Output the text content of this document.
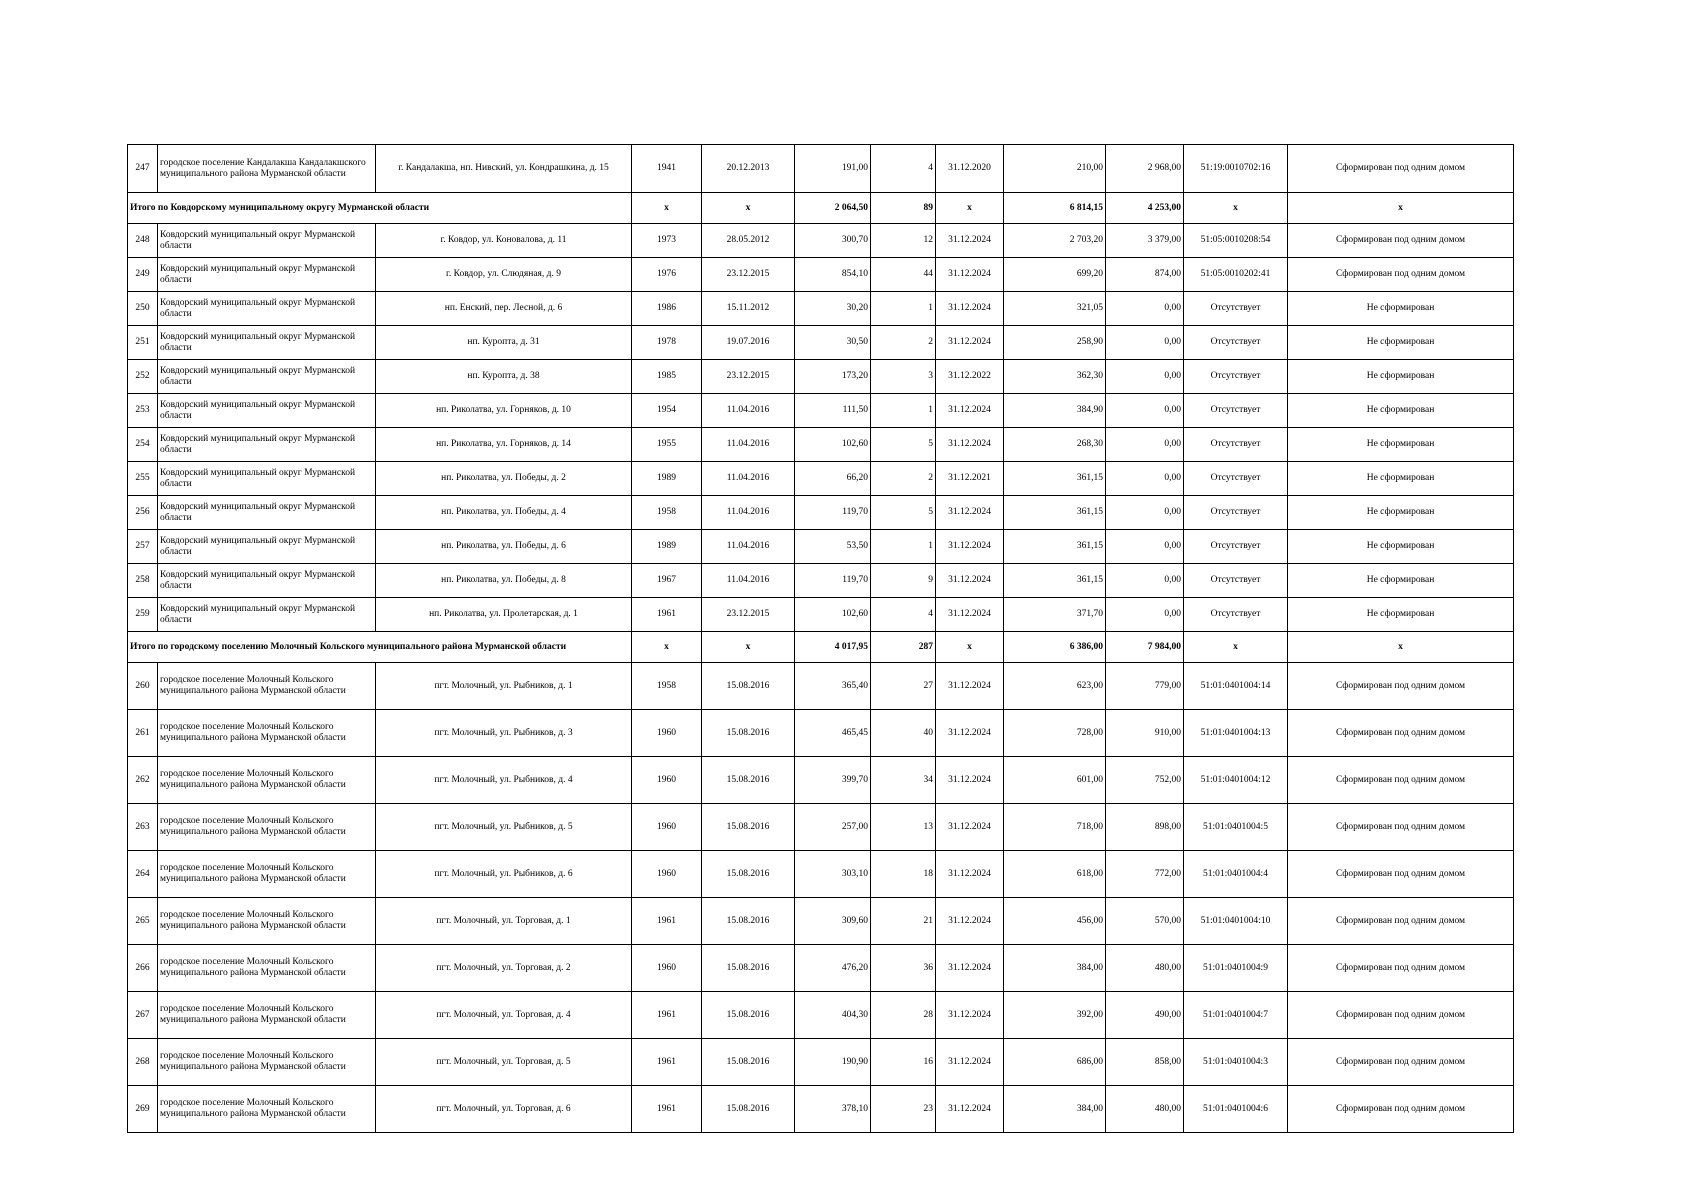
247	городское поселение Кандалакша Кандалакшского муниципального района Мурманской области	г. Кандалакша, нп. Нивский, ул. Кондрашкина, д. 15	1941	20.12.2013	191,00	4	31.12.2020	210,00	2 968,00	51:19:0010702:16	Сформирован под одним домом
Итого по Ковдорскому муниципальному округу Мурманской области			x	x	2 064,50	89	x	6 814,15	4 253,00	x	x
248	Ковдорский муниципальный округ Мурманской области	г. Ковдор, ул. Коновалова, д. 11	1973	28.05.2012	300,70	12	31.12.2024	2 703,20	3 379,00	51:05:0010208:54	Сформирован под одним домом
249	Ковдорский муниципальный округ Мурманской области	г. Ковдор, ул. Слюдяная, д. 9	1976	23.12.2015	854,10	44	31.12.2024	699,20	874,00	51:05:0010202:41	Сформирован под одним домом
250	Ковдорский муниципальный округ Мурманской области	нп. Енский, пер. Лесной, д. 6	1986	15.11.2012	30,20	1	31.12.2024	321,05	0,00	Отсутствует	Не сформирован
251	Ковдорский муниципальный округ Мурманской области	нп. Куропта, д. 31	1978	19.07.2016	30,50	2	31.12.2024	258,90	0,00	Отсутствует	Не сформирован
252	Ковдорский муниципальный округ Мурманской области	нп. Куропта, д. 38	1985	23.12.2015	173,20	3	31.12.2022	362,30	0,00	Отсутствует	Не сформирован
253	Ковдорский муниципальный округ Мурманской области	нп. Риколатва, ул. Горняков, д. 10	1954	11.04.2016	111,50	1	31.12.2024	384,90	0,00	Отсутствует	Не сформирован
254	Ковдорский муниципальный округ Мурманской области	нп. Риколатва, ул. Горняков, д. 14	1955	11.04.2016	102,60	5	31.12.2024	268,30	0,00	Отсутствует	Не сформирован
255	Ковдорский муниципальный округ Мурманской области	нп. Риколатва, ул. Победы, д. 2	1989	11.04.2016	66,20	2	31.12.2021	361,15	0,00	Отсутствует	Не сформирован
256	Ковдорский муниципальный округ Мурманской области	нп. Риколатва, ул. Победы, д. 4	1958	11.04.2016	119,70	5	31.12.2024	361,15	0,00	Отсутствует	Не сформирован
257	Ковдорский муниципальный округ Мурманской области	нп. Риколатва, ул. Победы, д. 6	1989	11.04.2016	53,50	1	31.12.2024	361,15	0,00	Отсутствует	Не сформирован
258	Ковдорский муниципальный округ Мурманской области	нп. Риколатва, ул. Победы, д. 8	1967	11.04.2016	119,70	9	31.12.2024	361,15	0,00	Отсутствует	Не сформирован
259	Ковдорский муниципальный округ Мурманской области	нп. Риколатва, ул. Пролетарская, д. 1	1961	23.12.2015	102,60	4	31.12.2024	371,70	0,00	Отсутствует	Не сформирован
Итого по городскому поселению Молочный Кольского муниципального района Мурманской области			x	x	4 017,95	287	x	6 386,00	7 984,00	x	x
260	городское поселение Молочный Кольского муниципального района Мурманской области	пгт. Молочный, ул. Рыбников, д. 1	1958	15.08.2016	365,40	27	31.12.2024	623,00	779,00	51:01:0401004:14	Сформирован под одним домом
261	городское поселение Молочный Кольского муниципального района Мурманской области	пгт. Молочный, ул. Рыбников, д. 3	1960	15.08.2016	465,45	40	31.12.2024	728,00	910,00	51:01:0401004:13	Сформирован под одним домом
262	городское поселение Молочный Кольского муниципального района Мурманской области	пгт. Молочный, ул. Рыбников, д. 4	1960	15.08.2016	399,70	34	31.12.2024	601,00	752,00	51:01:0401004:12	Сформирован под одним домом
263	городское поселение Молочный Кольского муниципального района Мурманской области	пгт. Молочный, ул. Рыбников, д. 5	1960	15.08.2016	257,00	13	31.12.2024	718,00	898,00	51:01:0401004:5	Сформирован под одним домом
264	городское поселение Молочный Кольского муниципального района Мурманской области	пгт. Молочный, ул. Рыбников, д. 6	1960	15.08.2016	303,10	18	31.12.2024	618,00	772,00	51:01:0401004:4	Сформирован под одним домом
265	городское поселение Молочный Кольского муниципального района Мурманской области	пгт. Молочный, ул. Торговая, д. 1	1961	15.08.2016	309,60	21	31.12.2024	456,00	570,00	51:01:0401004:10	Сформирован под одним домом
266	городское поселение Молочный Кольского муниципального района Мурманской области	пгт. Молочный, ул. Торговая, д. 2	1960	15.08.2016	476,20	36	31.12.2024	384,00	480,00	51:01:0401004:9	Сформирован под одним домом
267	городское поселение Молочный Кольского муниципального района Мурманской области	пгт. Молочный, ул. Торговая, д. 4	1961	15.08.2016	404,30	28	31.12.2024	392,00	490,00	51:01:0401004:7	Сформирован под одним домом
268	городское поселение Молочный Кольского муниципального района Мурманской области	пгт. Молочный, ул. Торговая, д. 5	1961	15.08.2016	190,90	16	31.12.2024	686,00	858,00	51:01:0401004:3	Сформирован под одним домом
269	городское поселение Молочный Кольского муниципального района Мурманской области	пгт. Молочный, ул. Торговая, д. 6	1961	15.08.2016	378,10	23	31.12.2024	384,00	480,00	51:01:0401004:6	Сформирован под одним домом
